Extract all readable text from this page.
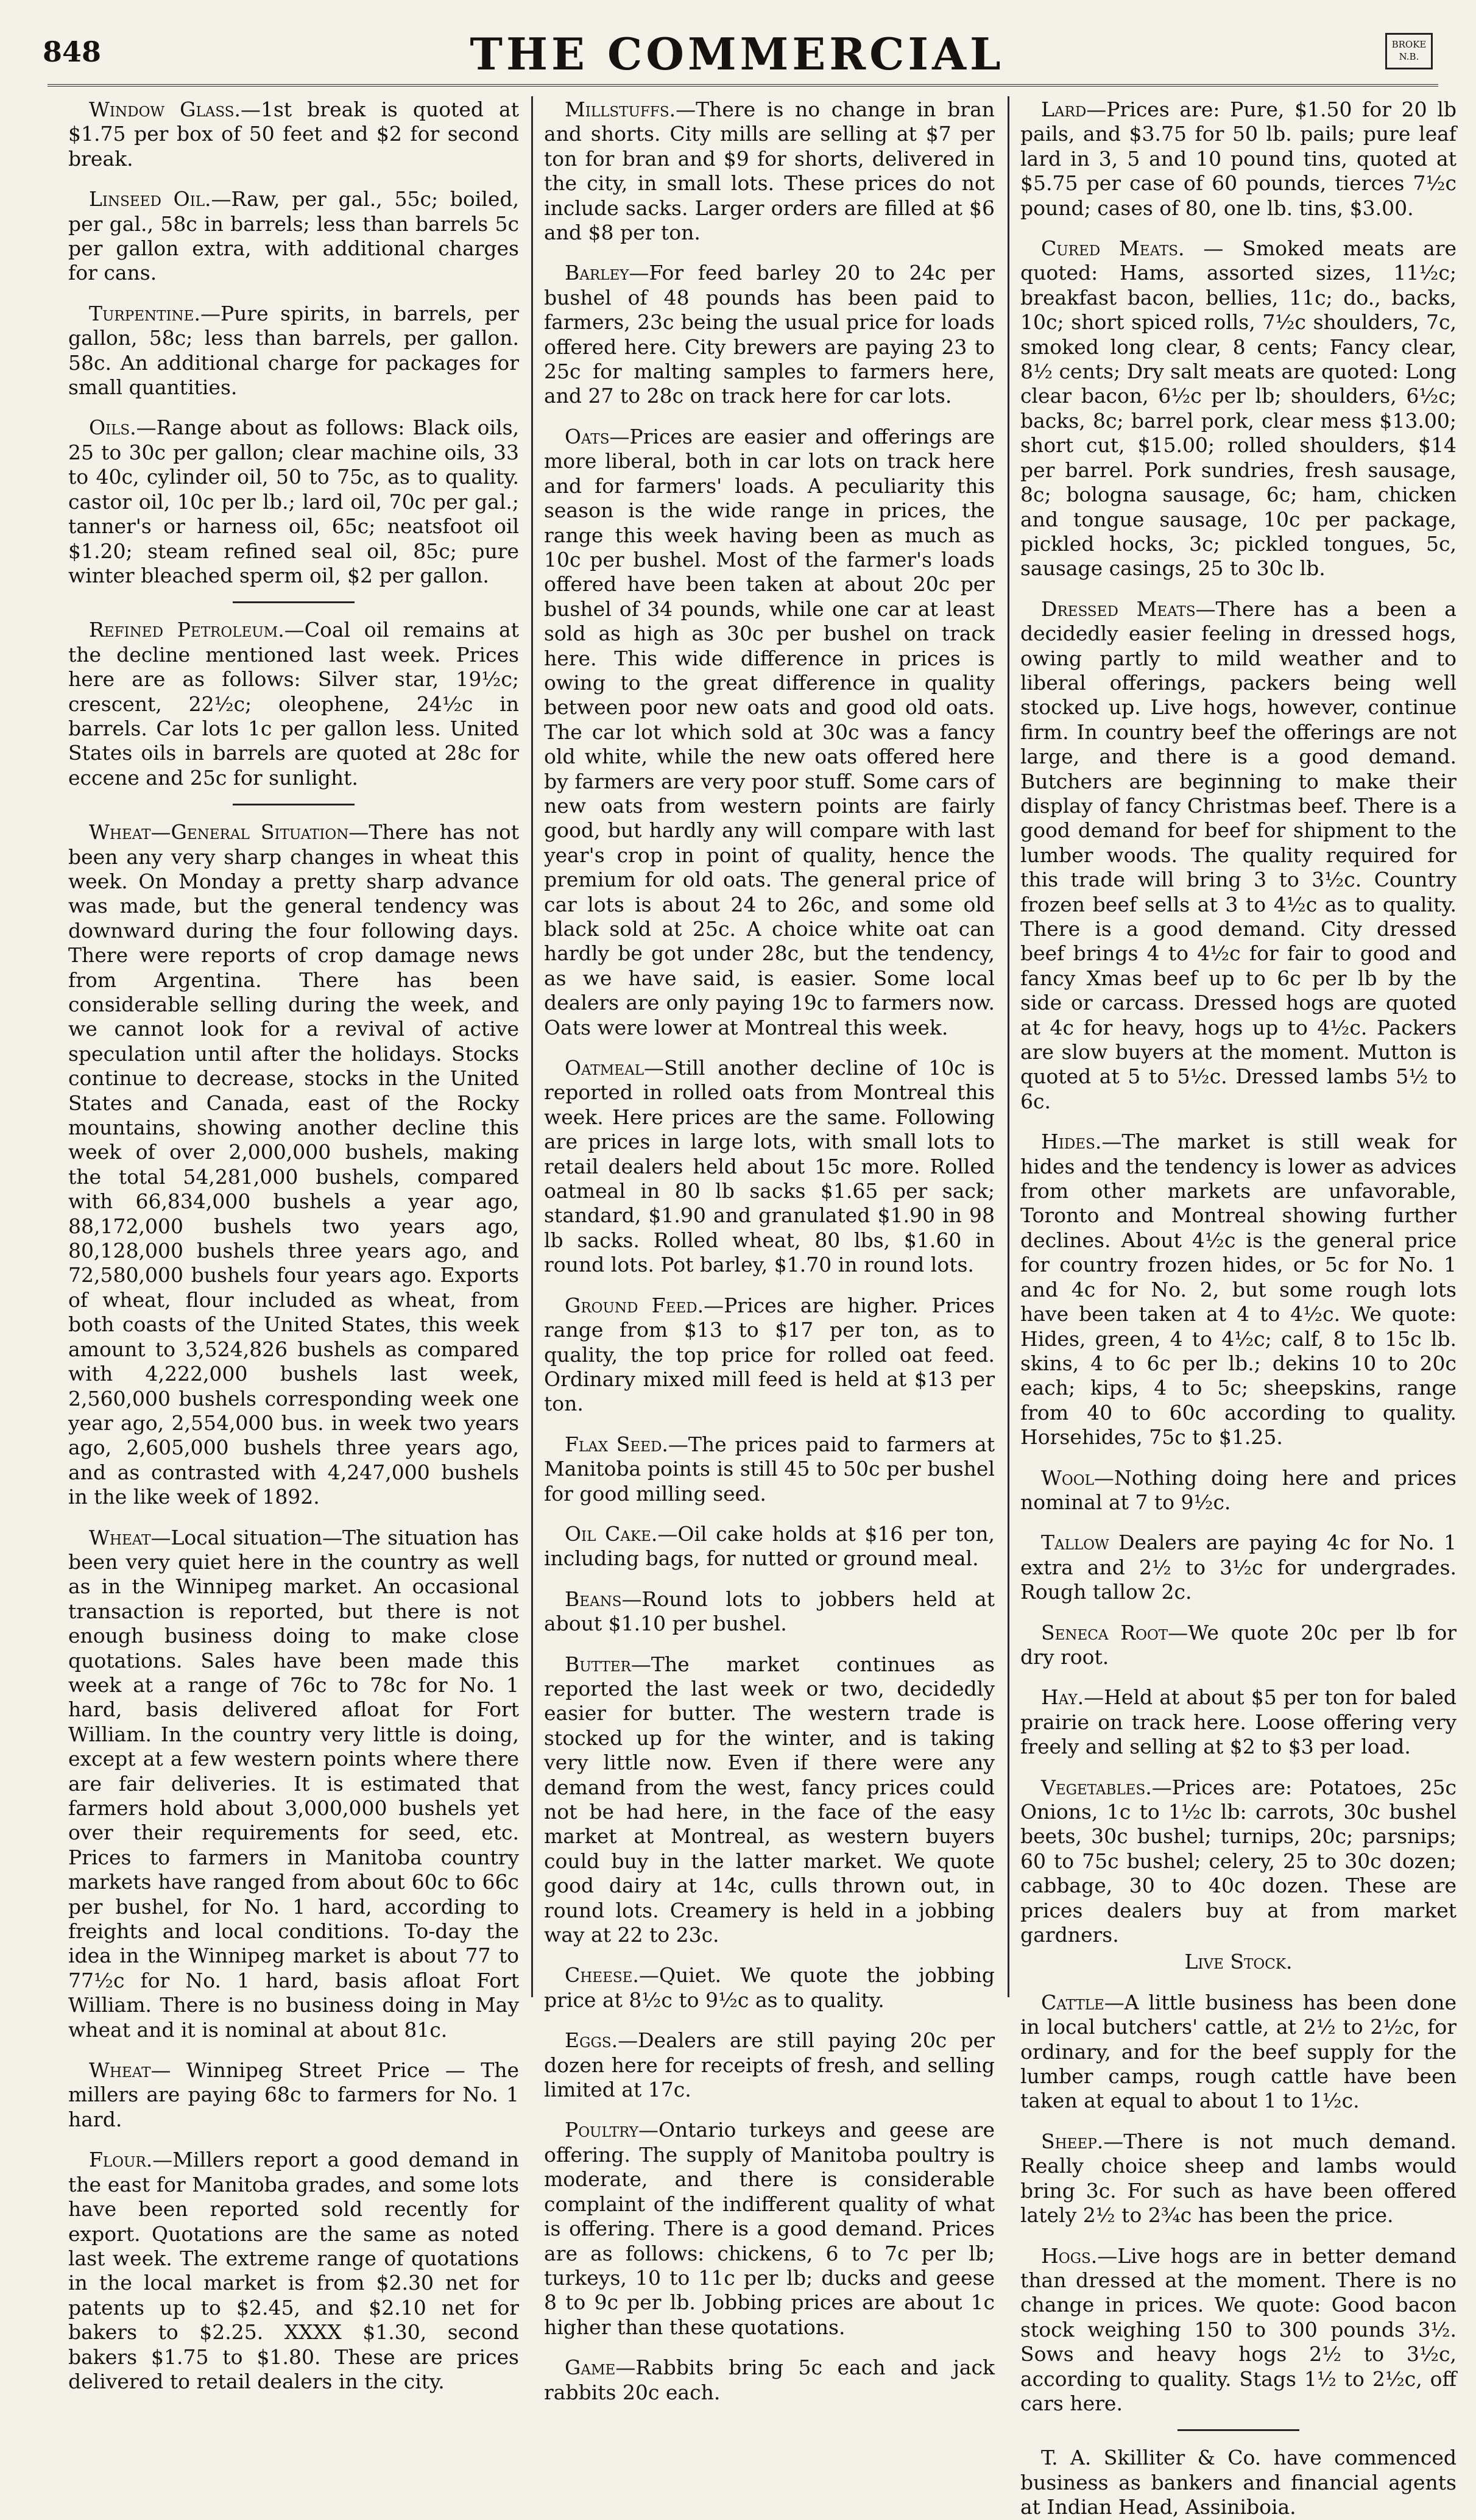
848	THE COMMERCIAL	BROKE
N.B.

Window Glass.—1st break is quoted at $1.75 per box of 50 feet and $2 for second break.

Linseed Oil.—Raw, per gal., 55c; boiled, per gal., 58c in barrels; less than barrels 5c per gallon extra, with additional charges for cans.

Turpentine.—Pure spirits, in barrels, per gallon, 58c; less than barrels, per gallon. 58c. An additional charge for packages for small quantities.

Oils.—Range about as follows: Black oils, 25 to 30c per gallon; clear machine oils, 33 to 40c, cylinder oil, 50 to 75c, as to quality. castor oil, 10c per lb.; lard oil, 70c per gal.; tanner's or harness oil, 65c; neatsfoot oil $1.20; steam refined seal oil, 85c; pure winter bleached sperm oil, $2 per gallon.

Refined Petroleum.—Coal oil remains at the decline mentioned last week. Prices here are as follows: Silver star, 19½c; crescent, 22½c; oleophene, 24½c in barrels. Car lots 1c per gallon less. United States oils in barrels are quoted at 28c for eccene and 25c for sunlight.

Wheat—General Situation—There has not been any very sharp changes in wheat this week. On Monday a pretty sharp advance was made, but the general tendency was downward during the four following days. There were reports of crop damage news from Argentina. There has been considerable selling during the week, and we cannot look for a revival of active speculation until after the holidays. Stocks continue to decrease, stocks in the United States and Canada, east of the Rocky mountains, showing another decline this week of over 2,000,000 bushels, making the total 54,281,000 bushels, compared with 66,834,000 bushels a year ago, 88,172,000 bushels two years ago, 80,128,000 bushels three years ago, and 72,580,000 bushels four years ago. Exports of wheat, flour included as wheat, from both coasts of the United States, this week amount to 3,524,826 bushels as compared with 4,222,000 bushels last week, 2,560,000 bushels corresponding week one year ago, 2,554,000 bus. in week two years ago, 2,605,000 bushels three years ago, and as contrasted with 4,247,000 bushels in the like week of 1892.

Wheat—Local situation—The situation has been very quiet here in the country as well as in the Winnipeg market. An occasional transaction is reported, but there is not enough business doing to make close quotations. Sales have been made this week at a range of 76c to 78c for No. 1 hard, basis delivered afloat for Fort William. In the country very little is doing, except at a few western points where there are fair deliveries. It is estimated that farmers hold about 3,000,000 bushels yet over their requirements for seed, etc. Prices to farmers in Manitoba country markets have ranged from about 60c to 66c per bushel, for No. 1 hard, according to freights and local conditions. To-day the idea in the Winnipeg market is about 77 to 77½c for No. 1 hard, basis afloat Fort William. There is no business doing in May wheat and it is nominal at about 81c.

Wheat— Winnipeg Street Price — The millers are paying 68c to farmers for No. 1 hard.

Flour.—Millers report a good demand in the east for Manitoba grades, and some lots have been reported sold recently for export. Quotations are the same as noted last week. The extreme range of quotations in the local market is from $2.30 net for patents up to $2.45, and $2.10 net for bakers to $2.25. XXXX $1.30, second bakers $1.75 to $1.80. These are prices delivered to retail dealers in the city.

Millstuffs.—There is no change in bran and shorts. City mills are selling at $7 per ton for bran and $9 for shorts, delivered in the city, in small lots. These prices do not include sacks. Larger orders are filled at $6 and $8 per ton.

Barley—For feed barley 20 to 24c per bushel of 48 pounds has been paid to farmers, 23c being the usual price for loads offered here. City brewers are paying 23 to 25c for malting samples to farmers here, and 27 to 28c on track here for car lots.

Oats—Prices are easier and offerings are more liberal, both in car lots on track here and for farmers' loads. A peculiarity this season is the wide range in prices, the range this week having been as much as 10c per bushel. Most of the farmer's loads offered have been taken at about 20c per bushel of 34 pounds, while one car at least sold as high as 30c per bushel on track here. This wide difference in prices is owing to the great difference in quality between poor new oats and good old oats. The car lot which sold at 30c was a fancy old white, while the new oats offered here by farmers are very poor stuff. Some cars of new oats from western points are fairly good, but hardly any will compare with last year's crop in point of quality, hence the premium for old oats. The general price of car lots is about 24 to 26c, and some old black sold at 25c. A choice white oat can hardly be got under 28c, but the tendency, as we have said, is easier. Some local dealers are only paying 19c to farmers now. Oats were lower at Montreal this week.

Oatmeal—Still another decline of 10c is reported in rolled oats from Montreal this week. Here prices are the same. Following are prices in large lots, with small lots to retail dealers held about 15c more. Rolled oatmeal in 80 lb sacks $1.65 per sack; standard, $1.90 and granulated $1.90 in 98 lb sacks. Rolled wheat, 80 lbs, $1.60 in round lots. Pot barley, $1.70 in round lots.

Ground Feed.—Prices are higher. Prices range from $13 to $17 per ton, as to quality, the top price for rolled oat feed. Ordinary mixed mill feed is held at $13 per ton.

Flax Seed.—The prices paid to farmers at Manitoba points is still 45 to 50c per bushel for good milling seed.

Oil Cake.—Oil cake holds at $16 per ton, including bags, for nutted or ground meal.

Beans—Round lots to jobbers held at about $1.10 per bushel.

Butter—The market continues as reported the last week or two, decidedly easier for butter. The western trade is stocked up for the winter, and is taking very little now. Even if there were any demand from the west, fancy prices could not be had here, in the face of the easy market at Montreal, as western buyers could buy in the latter market. We quote good dairy at 14c, culls thrown out, in round lots. Creamery is held in a jobbing way at 22 to 23c.

Cheese.—Quiet. We quote the jobbing price at 8½c to 9½c as to quality.

Eggs.—Dealers are still paying 20c per dozen here for receipts of fresh, and selling limited at 17c.

Poultry—Ontario turkeys and geese are offering. The supply of Manitoba poultry is moderate, and there is considerable complaint of the indifferent quality of what is offering. There is a good demand. Prices are as follows: chickens, 6 to 7c per lb; turkeys, 10 to 11c per lb; ducks and geese 8 to 9c per lb. Jobbing prices are about 1c higher than these quotations.

Game—Rabbits bring 5c each and jack rabbits 20c each.

Lard—Prices are: Pure, $1.50 for 20 lb pails, and $3.75 for 50 lb. pails; pure leaf lard in 3, 5 and 10 pound tins, quoted at $5.75 per case of 60 pounds, tierces 7½c pound; cases of 80, one lb. tins, $3.00.

Cured Meats. — Smoked meats are quoted: Hams, assorted sizes, 11½c; breakfast bacon, bellies, 11c; do., backs, 10c; short spiced rolls, 7½c shoulders, 7c, smoked long clear, 8 cents; Fancy clear, 8½ cents; Dry salt meats are quoted: Long clear bacon, 6½c per lb; shoulders, 6½c; backs, 8c; barrel pork, clear mess $13.00; short cut, $15.00; rolled shoulders, $14 per barrel. Pork sundries, fresh sausage, 8c; bologna sausage, 6c; ham, chicken and tongue sausage, 10c per package, pickled hocks, 3c; pickled tongues, 5c, sausage casings, 25 to 30c lb.

Dressed Meats—There has a been a decidedly easier feeling in dressed hogs, owing partly to mild weather and to liberal offerings, packers being well stocked up. Live hogs, however, continue firm. In country beef the offerings are not large, and there is a good demand. Butchers are beginning to make their display of fancy Christmas beef. There is a good demand for beef for shipment to the lumber woods. The quality required for this trade will bring 3 to 3½c. Country frozen beef sells at 3 to 4½c as to quality. There is a good demand. City dressed beef brings 4 to 4½c for fair to good and fancy Xmas beef up to 6c per lb by the side or carcass. Dressed hogs are quoted at 4c for heavy, hogs up to 4½c. Packers are slow buyers at the moment. Mutton is quoted at 5 to 5½c. Dressed lambs 5½ to 6c.

Hides.—The market is still weak for hides and the tendency is lower as advices from other markets are unfavorable, Toronto and Montreal showing further declines. About 4½c is the general price for country frozen hides, or 5c for No. 1 and 4c for No. 2, but some rough lots have been taken at 4 to 4½c. We quote: Hides, green, 4 to 4½c; calf, 8 to 15c lb. skins, 4 to 6c per lb.; dekins 10 to 20c each; kips, 4 to 5c; sheepskins, range from 40 to 60c according to quality. Horsehides, 75c to $1.25.

Wool—Nothing doing here and prices nominal at 7 to 9½c.

Tallow Dealers are paying 4c for No. 1 extra and 2½ to 3½c for undergrades. Rough tallow 2c.

Seneca Root—We quote 20c per lb for dry root.

Hay.—Held at about $5 per ton for baled prairie on track here. Loose offering very freely and selling at $2 to $3 per load.

Vegetables.—Prices are: Potatoes, 25c Onions, 1c to 1½c lb: carrots, 30c bushel beets, 30c bushel; turnips, 20c; parsnips; 60 to 75c bushel; celery, 25 to 30c dozen; cabbage, 30 to 40c dozen. These are prices dealers buy at from market gardners.

Live Stock.

Cattle—A little business has been done in local butchers' cattle, at 2½ to 2½c, for ordinary, and for the beef supply for the lumber camps, rough cattle have been taken at equal to about 1 to 1½c.

Sheep.—There is not much demand. Really choice sheep and lambs would bring 3c. For such as have been offered lately 2½ to 2¾c has been the price.

Hogs.—Live hogs are in better demand than dressed at the moment. There is no change in prices. We quote: Good bacon stock weighing 150 to 300 pounds 3½. Sows and heavy hogs 2½ to 3½c, according to quality. Stags 1½ to 2½c, off cars here.

T. A. Skilliter & Co. have commenced business as bankers and financial agents at Indian Head, Assiniboia.
